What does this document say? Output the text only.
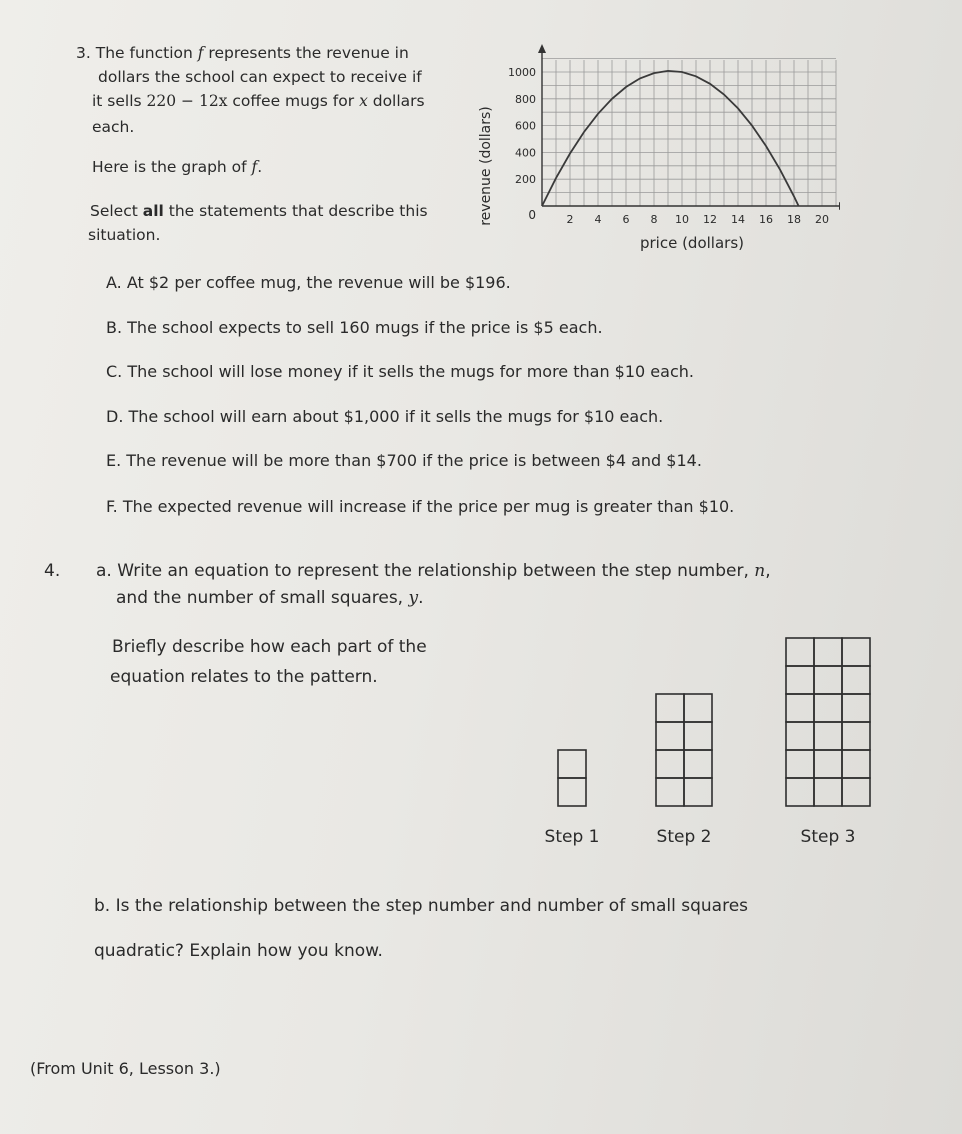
3. The function f represents the revenue in
dollars the school can expect to receive if
it sells 220 − 12x coffee mugs for x dollars
each.
Here is the graph of f.
Select all the statements that describe this
situation.
2 4 6 8 10 12 14 16 18 20
200
400
600
800
1000
0
revenue (dollars)
price (dollars)
A. At $2 per coffee mug, the revenue will be $196.
B. The school expects to sell 160 mugs if the price is $5 each.
C. The school will lose money if it sells the mugs for more than $10 each.
D. The school will earn about $1,000 if it sells the mugs for $10 each.
E. The revenue will be more than $700 if the price is between $4 and $14.
F. The expected revenue will increase if the price per mug is greater than $10.
4. a. Write an equation to represent the relationship between the step number, n,
and the number of small squares, y.
Briefly describe how each part of the
equation relates to the pattern.
Step 1	Step 2	Step 3
b. Is the relationship between the step number and number of small squares
quadratic? Explain how you know.
(From Unit 6, Lesson 3.)
